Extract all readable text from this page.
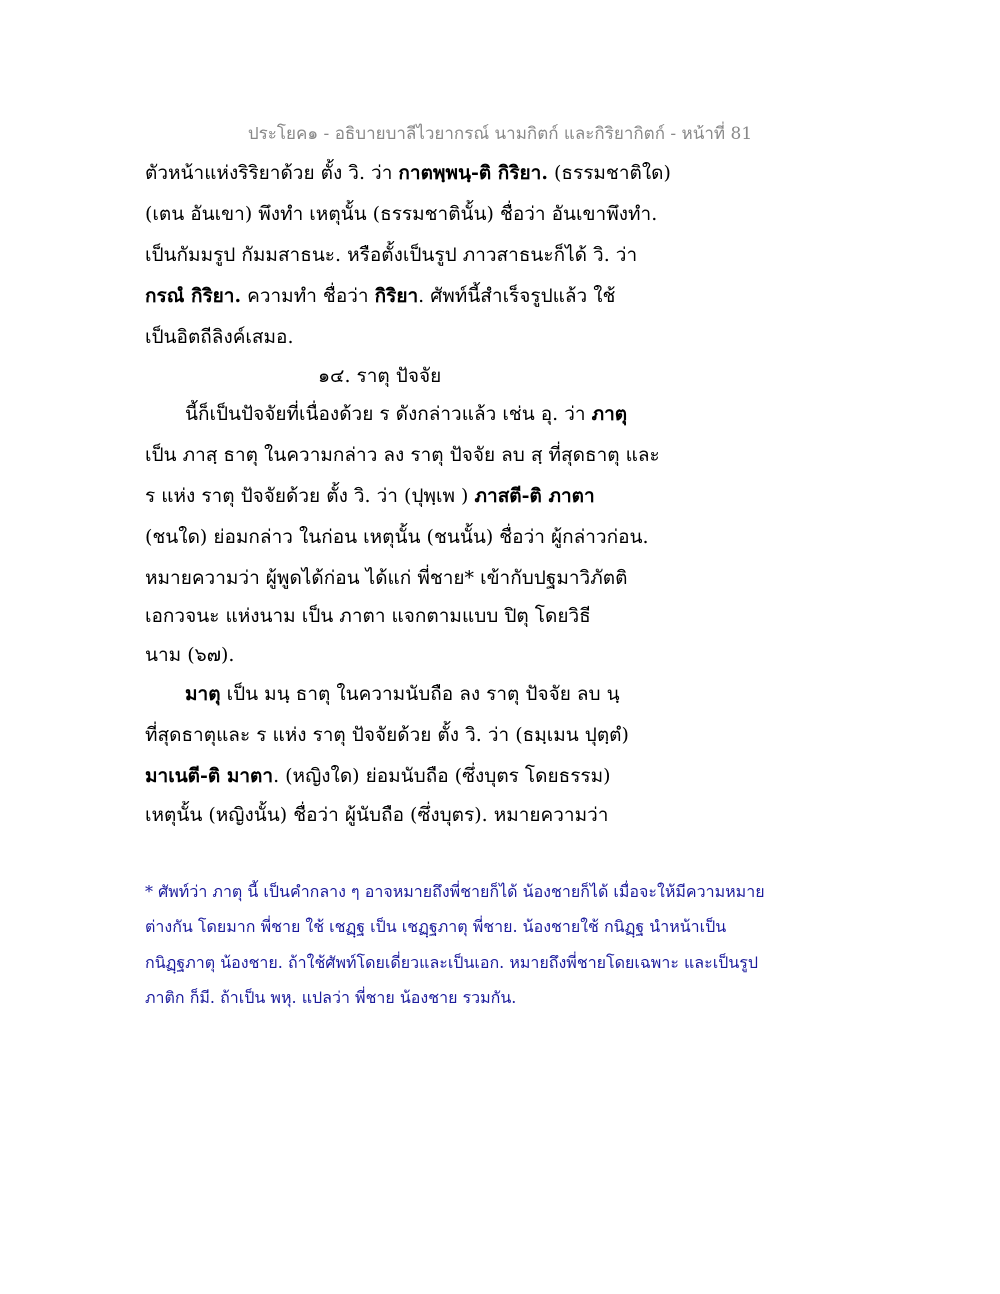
ประโยค๑ - อธิบายบาลีไวยากรณ์ นามกิตก์ และกิริยากิตก์ - หน้าที่ 81
ตัวหน้าแห่งริริยาด้วย ตั้ง วิ. ว่า กาตพฺพนฺ-ติ กิริยา. (ธรรมชาติใด)
(เตน อันเขา) พึงทำ เหตุนั้น (ธรรมชาตินั้น) ชื่อว่า อันเขาพึงทำ.
เป็นกัมมรูป กัมมสาธนะ. หรือตั้งเป็นรูป ภาวสาธนะก็ได้ วิ. ว่า
กรณํ กิริยา. ความทำ ชื่อว่า กิริยา. ศัพท์นี้สำเร็จรูปแล้ว ใช้
เป็นอิตถีลิงค์เสมอ.
๑๔. ราตุ ปัจจัย
นี้ก็เป็นปัจจัยที่เนื่องด้วย ร ดังกล่าวแล้ว เช่น อุ. ว่า ภาตุ
เป็น ภาสฺ ธาตุ ในความกล่าว ลง ราตุ ปัจจัย ลบ สฺ ที่สุดธาตุ และ
ร แห่ง ราตุ ปัจจัยด้วย ตั้ง วิ. ว่า (ปุพฺเพ ) ภาสตี-ติ ภาตา
(ชนใด) ย่อมกล่าว ในก่อน เหตุนั้น (ชนนั้น) ชื่อว่า ผู้กล่าวก่อน.
หมายความว่า ผู้พูดได้ก่อน ได้แก่ พี่ชาย* เข้ากับปฐมาวิภัตติ
เอกวจนะ แห่งนาม เป็น ภาตา แจกตามแบบ ปิตุ โดยวิธี
นาม (๖๗).
มาตุ เป็น มนฺ ธาตุ ในความนับถือ ลง ราตุ ปัจจัย ลบ นฺ
ที่สุดธาตุและ ร แห่ง ราตุ ปัจจัยด้วย ตั้ง วิ. ว่า (ธมฺเมน ปุตฺตํ)
มาเนตี-ติ มาตา. (หญิงใด) ย่อมนับถือ (ซึ่งบุตร โดยธรรม)
เหตุนั้น (หญิงนั้น) ชื่อว่า ผู้นับถือ (ซึ่งบุตร). หมายความว่า
* ศัพท์ว่า ภาตุ นี้ เป็นคำกลาง ๆ อาจหมายถึงพี่ชายก็ได้ น้องชายก็ได้ เมื่อจะให้มีความหมาย
ต่างกัน โดยมาก พี่ชาย ใช้ เชฏฺฐ เป็น เชฏฺฐภาตุ พี่ชาย. น้องชายใช้ กนิฏฺฐ นำหน้าเป็น
กนิฏฺฐภาตุ น้องชาย. ถ้าใช้ศัพท์โดยเดี่ยวและเป็นเอก. หมายถึงพี่ชายโดยเฉพาะ และเป็นรูป
ภาติก ก็มี. ถ้าเป็น พหุ. แปลว่า พี่ชาย น้องชาย รวมกัน.
